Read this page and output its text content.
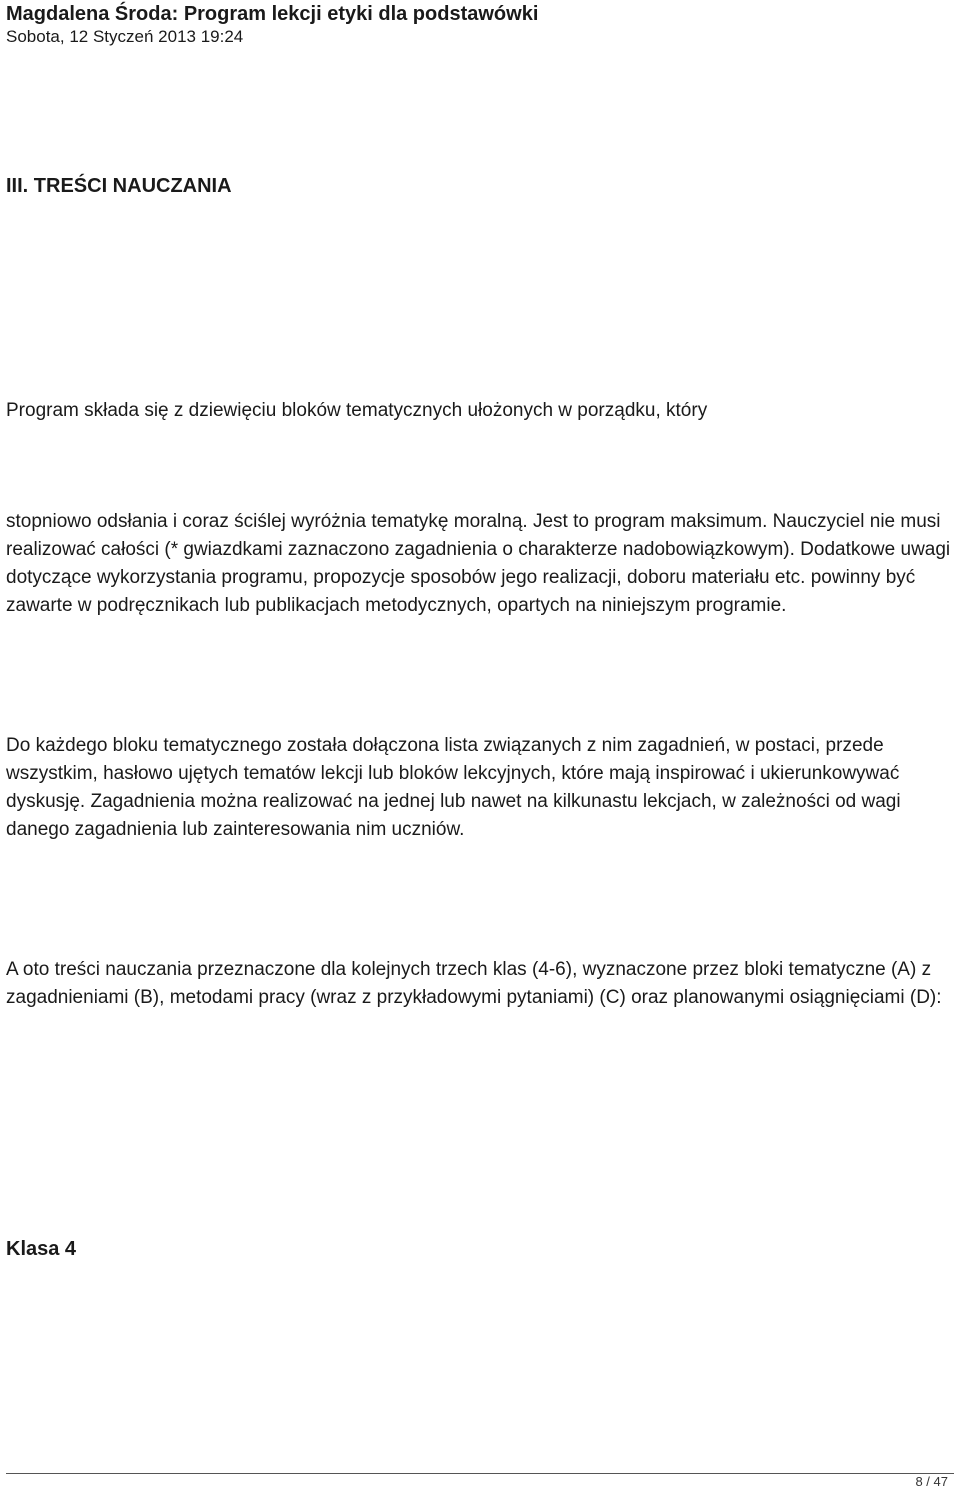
Magdalena Środa: Program lekcji etyki dla podstawówki
Sobota, 12 Styczeń 2013 19:24
III. TREŚCI NAUCZANIA

Program składa się z dziewięciu bloków tematycznych ułożonych w porządku, który

stopniowo odsłania i coraz ściślej wyróżnia tematykę moralną. Jest to program maksimum. Nauczyciel nie musi realizować całości (* gwiazdkami zaznaczono zagadnienia o charakterze nadobowiązkowym). Dodatkowe uwagi dotyczące wykorzystania programu, propozycje sposobów jego realizacji, doboru materiału etc. powinny być zawarte w podręcznikach lub publikacjach metodycznych, opartych na niniejszym programie.

Do każdego bloku tematycznego została dołączona lista związanych z nim zagadnień, w postaci, przede wszystkim, hasłowo ujętych tematów lekcji lub bloków lekcyjnych, które mają inspirować i ukierunkowywać dyskusję. Zagadnienia można realizować na jednej lub nawet na kilkunastu lekcjach, w zależności od wagi danego zagadnienia lub zainteresowania nim uczniów.

A oto treści nauczania przeznaczone dla kolejnych trzech klas (4-6), wyznaczone przez bloki tematyczne (A) z zagadnieniami (B), metodami pracy (wraz z przykładowymi pytaniami) (C) oraz planowanymi osiągnięciami (D):

Klasa 4
8 / 47
